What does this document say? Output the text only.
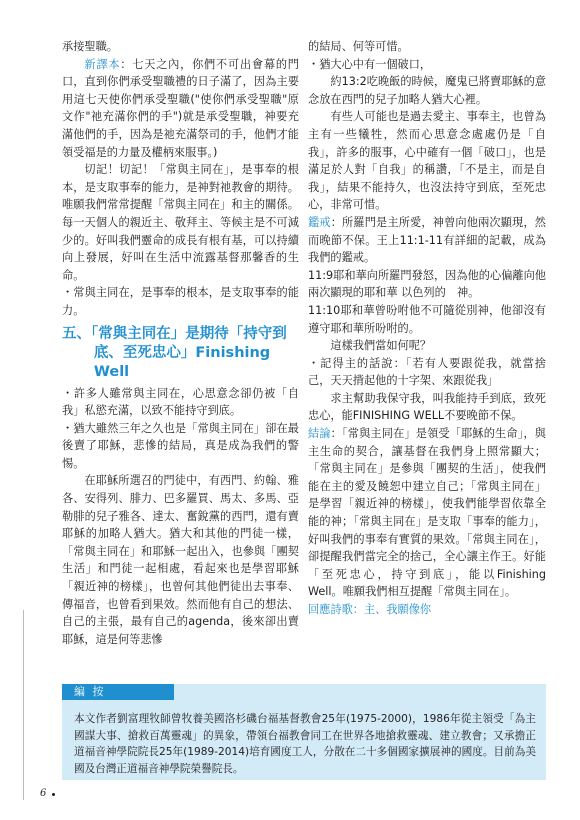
承接聖職。

新譯本：七天之內，你們不可出會幕的門口，直到你們承受聖職禮的日子滿了，因為主要用這七天使你們承受聖職("使你們承受聖職"原文作"祂充滿你們的手")就是承受聖職，神要充滿他們的手，因為是祂充滿祭司的手，他們才能領受福是的力量及權柄來服事。)

切記！切記！「常與主同在」，是事奉的根本，是支取事奉的能力，是神對祂教會的期待。唯願我們常常提醒「常與主同在」和主的關係。每一天個人的親近主、敬拜主、等候主是不可減少的。好叫我們靈命的成長有根有基，可以持續向上發展，好叫在生活中流露基督那馨香的生命。

・常與主同在，是事奉的根本，是支取事奉的能力。

五、「常與主同在」是期待「持守到
底、至死忠心」Finishing Well

・許多人雖常與主同在，心思意念卻仍被「自我」私慾充滿，以致不能持守到底。

・猶大雖然三年之久也是「常與主同在」卻在最後賣了耶穌，悲慘的結局，真是成為我們的警惕。

在耶穌所選召的門徒中，有西門、約翰、雅各、安得列、腓力、巴多羅買、馬太、多馬、亞勒腓的兒子雅各、達太、奮銳黨的西門，還有賣耶穌的加略人猶大。猶大和其他的門徒一樣，「常與主同在」和耶穌一起出入，也參與「團契生活」和門徒一起相處，看起來也是學習耶穌「親近神的榜樣」，也曾何其他們徒出去事奉、傳福音，也曾看到果效。然而他有自己的想法、自己的主張，最有自己的agenda，後來卻出賣耶穌，這是何等悲慘

的結局、何等可惜。

・猶大心中有一個破口，

約13:2吃晚飯的時候，魔鬼已將賣耶穌的意念放在西門的兒子加略人猶大心裡。

有些人可能也是過去愛主、事奉主，也曾為主有一些犧牲，然而心思意念處處仍是「自我」，許多的服事，心中確有一個「破口」，也是滿足於人對「自我」的稱讚，「不是主，而是自我」，結果不能持久，也沒法持守到底，至死忠心，非常可惜。

鑑戒：所羅門是主所愛，神曾向他兩次顯現，然而晚節不保。王上11:1-11有詳細的記載，成為我們的鑑戒。

11:9耶和華向所羅門發怒，因為他的心偏離向他兩次顯現的耶和華 以色列的　神。

11:10耶和華曾吩咐他不可隨從別神，他卻沒有遵守耶和華所吩咐的。

這樣我們當如何呢？

・記得主的話說：「若有人要跟從我，就當捨己，天天揹起他的十字架、來跟從我」

求主幫助我保守我，叫我能持手到底，致死忠心，能FINISHING WELL不要晚節不保。

結論：「常與主同在」是領受「耶穌的生命」，與主生命的契合，讓基督在我們身上照常顯大；「常與主同在」是參與「團契的生活」，使我們能在主的愛及饒恕中建立自己；「常與主同在」是學習「親近神的榜樣」，使我們能學習依靠全能的神；「常與主同在」是支取「事奉的能力」，好叫我們的事奉有實質的果效。「常與主同在」，卻提醒我們當完全的捨己，全心讓主作王。好能「至死忠心，持守到底」，能以Finishing Well。唯願我們相互提醒「常與主同在」。

回應詩歌：主、我願像你

編 按
本文作者劉富理牧師曾牧養美國洛杉磯台福基督教會25年(1975-2000)，1986年從主領受「為主國謀大事、搶救百萬靈魂」的異象，帶領台福教會同工在世界各地搶救靈魂、建立教會；又承擔正道福音神學院院長25年(1989-2014)培育國度工人，分散在二十多個國家擴展神的國度。目前為美國及台灣正道福音神學院榮譽院長。
6
